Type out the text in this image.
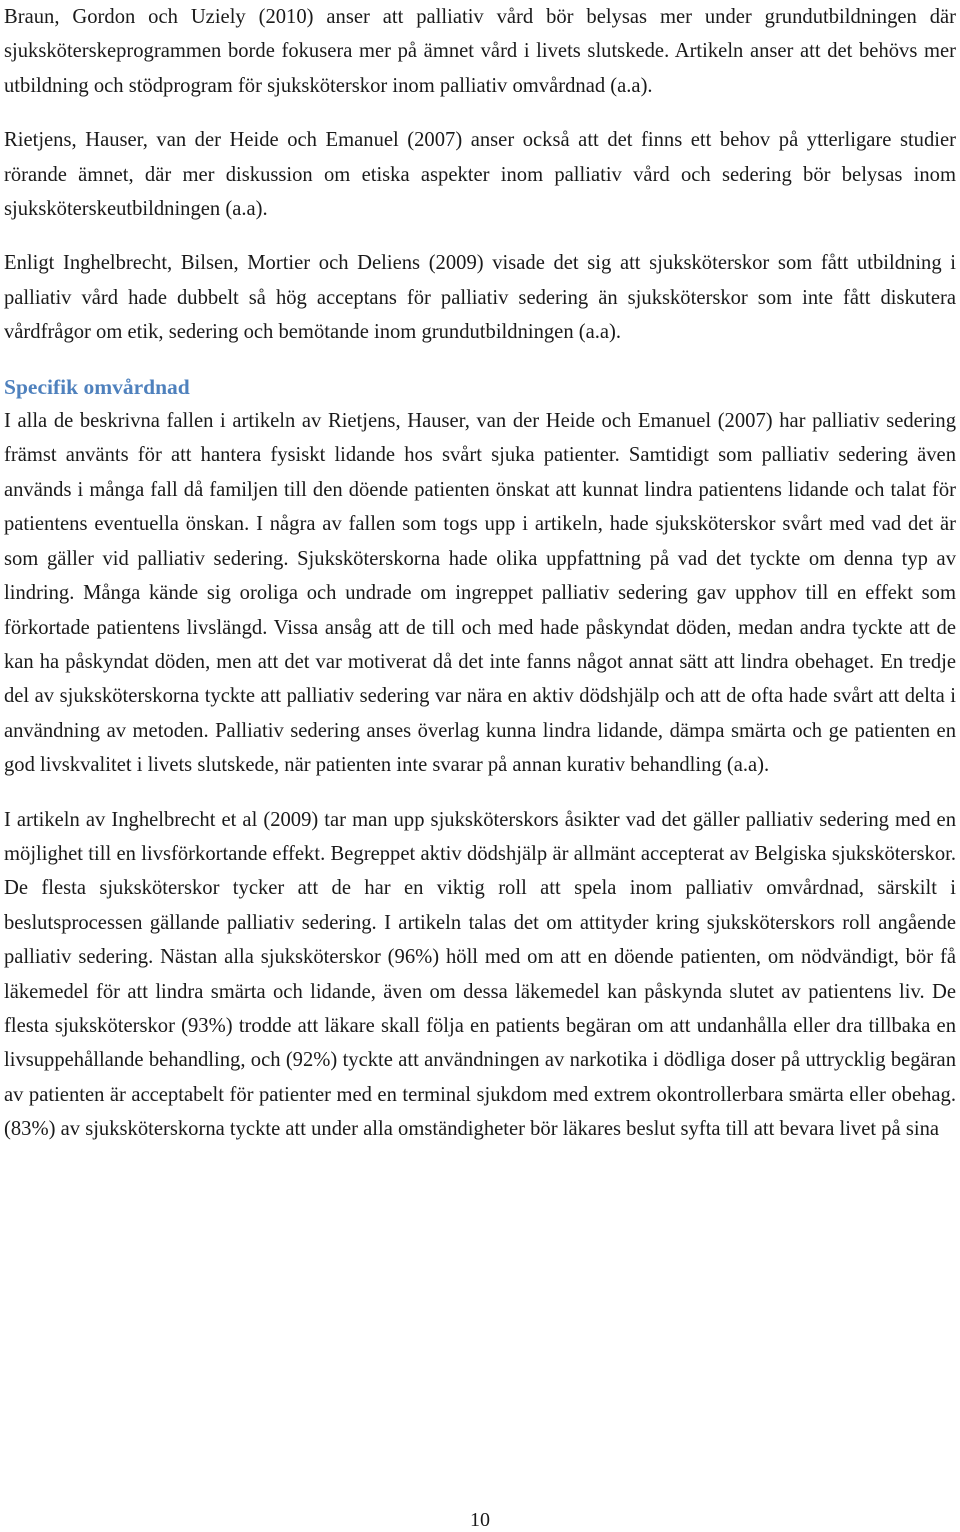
Braun, Gordon och Uziely (2010) anser att palliativ vård bör belysas mer under grundutbildningen där sjuksköterskeprogrammen borde fokusera mer på ämnet vård i livets slutskede. Artikeln anser att det behövs mer utbildning och stödprogram för sjuksköterskor inom palliativ omvårdnad (a.a).

Rietjens, Hauser, van der Heide och Emanuel (2007) anser också att det finns ett behov på ytterligare studier rörande ämnet, där mer diskussion om etiska aspekter inom palliativ vård och sedering bör belysas inom sjuksköterskeutbildningen (a.a).

Enligt Inghelbrecht, Bilsen, Mortier och Deliens (2009) visade det sig att sjuksköterskor som fått utbildning i palliativ vård hade dubbelt så hög acceptans för palliativ sedering än sjuksköterskor som inte fått diskutera vårdfrågor om etik, sedering och bemötande inom grundutbildningen (a.a).

Specifik omvårdnad

I alla de beskrivna fallen i artikeln av Rietjens, Hauser, van der Heide och Emanuel (2007) har palliativ sedering främst använts för att hantera fysiskt lidande hos svårt sjuka patienter. Samtidigt som palliativ sedering även används i många fall då familjen till den döende patienten önskat att kunnat lindra patientens lidande och talat för patientens eventuella önskan. I några av fallen som togs upp i artikeln, hade sjuksköterskor svårt med vad det är som gäller vid palliativ sedering. Sjuksköterskorna hade olika uppfattning på vad det tyckte om denna typ av lindring. Många kände sig oroliga och undrade om ingreppet palliativ sedering gav upphov till en effekt som förkortade patientens livslängd. Vissa ansåg att de till och med hade påskyndat döden, medan andra tyckte att de kan ha påskyndat döden, men att det var motiverat då det inte fanns något annat sätt att lindra obehaget. En tredje del av sjuksköterskorna tyckte att palliativ sedering var nära en aktiv dödshjälp och att de ofta hade svårt att delta i användning av metoden. Palliativ sedering anses överlag kunna lindra lidande, dämpa smärta och ge patienten en god livskvalitet i livets slutskede, när patienten inte svarar på annan kurativ behandling (a.a).

I artikeln av Inghelbrecht et al (2009) tar man upp sjuksköterskors åsikter vad det gäller palliativ sedering med en möjlighet till en livsförkortande effekt. Begreppet aktiv dödshjälp är allmänt accepterat av Belgiska sjuksköterskor. De flesta sjuksköterskor tycker att de har en viktig roll att spela inom palliativ omvårdnad, särskilt i beslutsprocessen gällande palliativ sedering. I artikeln talas det om attityder kring sjuksköterskors roll angående palliativ sedering. Nästan alla sjuksköterskor (96%) höll med om att en döende patienten, om nödvändigt, bör få läkemedel för att lindra smärta och lidande, även om dessa läkemedel kan påskynda slutet av patientens liv. De flesta sjuksköterskor (93%) trodde att läkare skall följa en patients begäran om att undanhålla eller dra tillbaka en livsuppehållande behandling, och (92%) tyckte att användningen av narkotika i dödliga doser på uttrycklig begäran av patienten är acceptabelt för patienter med en terminal sjukdom med extrem okontrollerbara smärta eller obehag. (83%) av sjuksköterskorna tyckte att under alla omständigheter bör läkares beslut syfta till att bevara livet på sina

10
